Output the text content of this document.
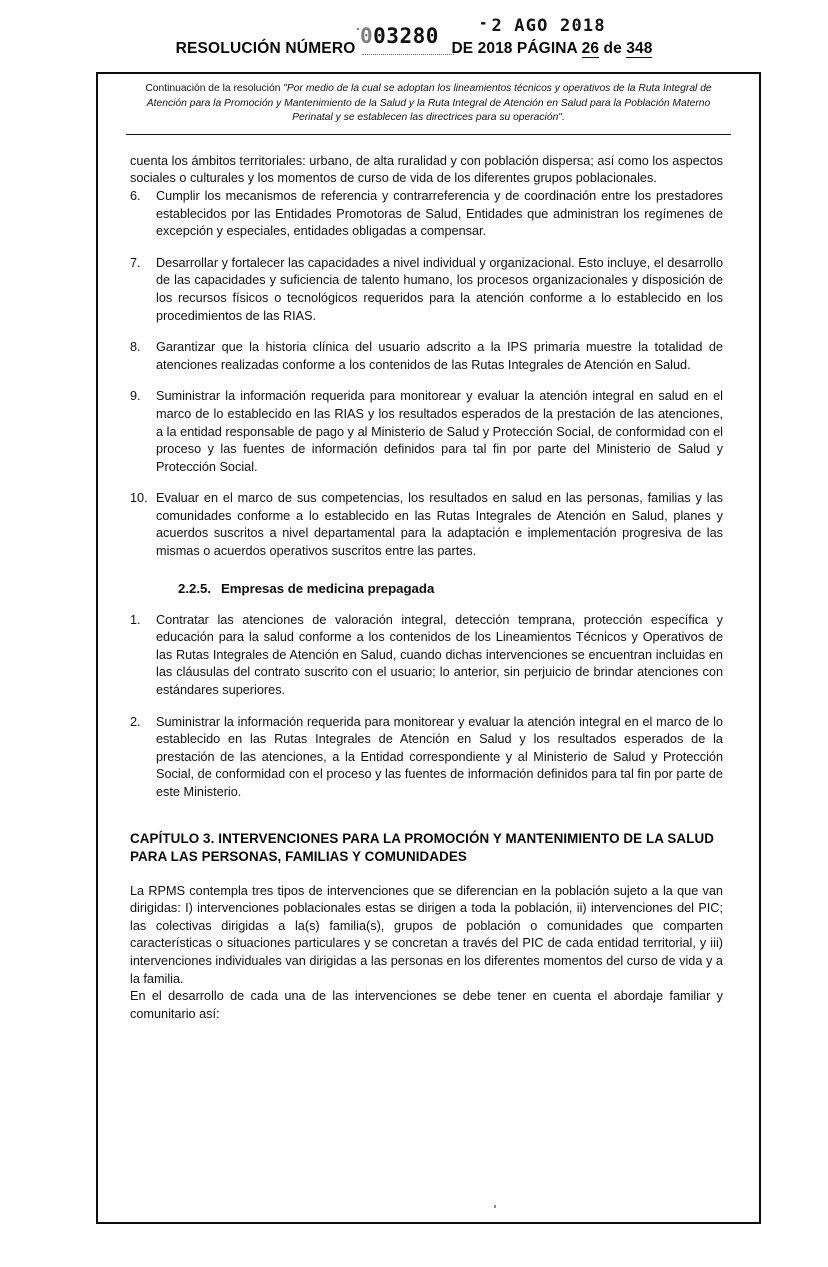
- 2 AGO 2018
RESOLUCIÓN NÚMERO	DE 2018 PÁGINA 26 de 348
003280
Continuación de la resolución "Por medio de la cual se adoptan los lineamientos técnicos y operativos de la Ruta Integral de Atención para la Promoción y Mantenimiento de la Salud y la Ruta Integral de Atención en Salud para la Población Materno Perinatal y se establecen las directrices para su operación".

cuenta los ámbitos territoriales: urbano, de alta ruralidad y con población dispersa; así como los aspectos sociales o culturales y los momentos de curso de vida de los diferentes grupos poblacionales.

6.	Cumplir los mecanismos de referencia y contrarreferencia y de coordinación entre los prestadores establecidos por las Entidades Promotoras de Salud, Entidades que administran los regímenes de excepción y especiales, entidades obligadas a compensar.
7.	Desarrollar y fortalecer las capacidades a nivel individual y organizacional. Esto incluye, el desarrollo de las capacidades y suficiencia de talento humano, los procesos organizacionales y disposición de los recursos físicos o tecnológicos requeridos para la atención conforme a lo establecido en los procedimientos de las RIAS.
8.	Garantizar que la historia clínica del usuario adscrito a la IPS primaria muestre la totalidad de atenciones realizadas conforme a los contenidos de las Rutas Integrales de Atención en Salud.
9.	Suministrar la información requerida para monitorear y evaluar la atención integral en salud en el marco de lo establecido en las RIAS y los resultados esperados de la prestación de las atenciones, a la entidad responsable de pago y al Ministerio de Salud y Protección Social, de conformidad con el proceso y las fuentes de información definidos para tal fin por parte del Ministerio de Salud y Protección Social.
10. Evaluar en el marco de sus competencias, los resultados en salud en las personas, familias y las comunidades conforme a lo establecido en las Rutas Integrales de Atención en Salud, planes y acuerdos suscritos a nivel departamental para la adaptación e implementación progresiva de las mismas o acuerdos operativos suscritos entre las partes.
2.2.5. Empresas de medicina prepagada
1.	Contratar las atenciones de valoración integral, detección temprana, protección específica y educación para la salud conforme a los contenidos de los Lineamientos Técnicos y Operativos de las Rutas Integrales de Atención en Salud, cuando dichas intervenciones se encuentran incluidas en las cláusulas del contrato suscrito con el usuario; lo anterior, sin perjuicio de brindar atenciones con estándares superiores.
2.	Suministrar la información requerida para monitorear y evaluar la atención integral en el marco de lo establecido en las Rutas Integrales de Atención en Salud y los resultados esperados de la prestación de las atenciones, a la Entidad correspondiente y al Ministerio de Salud y Protección Social, de conformidad con el proceso y las fuentes de información definidos para tal fin por parte de este Ministerio.
CAPÍTULO 3. INTERVENCIONES PARA LA PROMOCIÓN Y MANTENIMIENTO DE LA SALUD PARA LAS PERSONAS, FAMILIAS Y COMUNIDADES

La RPMS contempla tres tipos de intervenciones que se diferencian en la población sujeto a la que van dirigidas: I) intervenciones poblacionales estas se dirigen a toda la población, ii) intervenciones del PIC; las colectivas dirigidas a la(s) familia(s), grupos de población o comunidades que comparten características o situaciones particulares y se concretan a través del PIC de cada entidad territorial, y iii) intervenciones individuales van dirigidas a las personas en los diferentes momentos del curso de vida y a la familia.

En el desarrollo de cada una de las intervenciones se debe tener en cuenta el abordaje familiar y comunitario así:
